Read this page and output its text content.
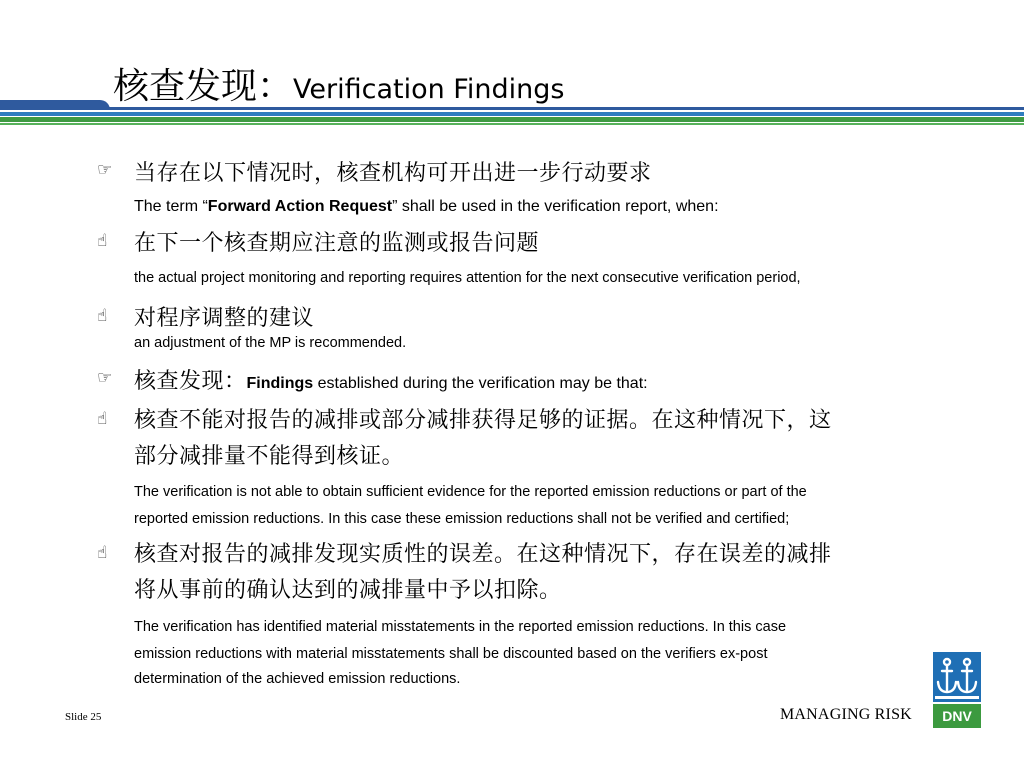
核查发现：Verification Findings
☞ 当存在以下情况时，核查机构可开出进一步行动要求
The term “Forward Action Request” shall be used in the verification report, when:
☝ 在下一个核查期应注意的监测或报告问题
the actual project monitoring and reporting requires attention for the next consecutive verification period,
☝ 对程序调整的建议
an adjustment of the MP is recommended.
☞ 核查发现：Findings established during the verification may be that:
☝ 核查不能对报告的减排或部分减排获得足够的证据。在这种情况下，这
部分减排量不能得到核证。
The verification is not able to obtain sufficient evidence for the reported emission reductions or part of the
reported emission reductions. In this case these emission reductions shall not be verified and certified;
☝ 核查对报告的减排发现实质性的误差。在这种情况下，存在误差的减排
将从事前的确认达到的减排量中予以扣除。
The verification has identified material misstatements in the reported emission reductions. In this case
emission reductions with material misstatements shall be discounted based on the verifiers ex-post
determination of the achieved emission reductions.
Slide 25	MANAGING RISK	DNV
